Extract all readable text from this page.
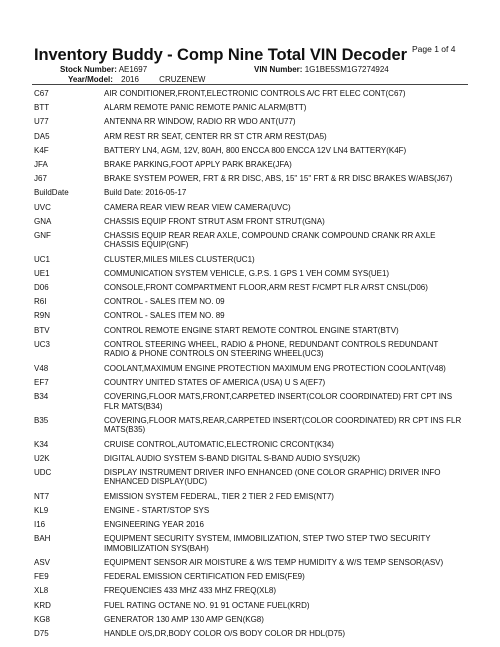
Inventory Buddy - Comp Nine Total VIN Decoder Page 1 of 4
Stock Number: AE1697	VIN Number: 1G1BE5SM1G7274924
Year/Model: 2016	CRUZENEW
C67	AIR CONDITIONER,FRONT,ELECTRONIC CONTROLS A/C FRT ELEC CONT(C67)
BTT	ALARM REMOTE PANIC REMOTE PANIC ALARM(BTT)
U77	ANTENNA RR WINDOW, RADIO RR WDO ANT(U77)
DA5	ARM REST RR SEAT, CENTER RR ST CTR ARM REST(DA5)
K4F	BATTERY LN4, AGM, 12V, 80AH, 800 ENCCA 800 ENCCA 12V LN4 BATTERY(K4F)
JFA	BRAKE PARKING,FOOT APPLY PARK BRAKE(JFA)
J67	BRAKE SYSTEM POWER, FRT & RR DISC, ABS, 15" 15" FRT & RR DISC BRAKES W/ABS(J67)
BuildDate	Build Date: 2016-05-17
UVC	CAMERA REAR VIEW REAR VIEW CAMERA(UVC)
GNA	CHASSIS EQUIP FRONT STRUT ASM FRONT STRUT(GNA)
GNF	CHASSIS EQUIP REAR REAR AXLE, COMPOUND CRANK COMPOUND CRANK RR AXLE CHASSIS EQUIP(GNF)
UC1	CLUSTER,MILES MILES CLUSTER(UC1)
UE1	COMMUNICATION SYSTEM VEHICLE, G.P.S. 1 GPS 1 VEH COMM SYS(UE1)
D06	CONSOLE,FRONT COMPARTMENT FLOOR,ARM REST F/CMPT FLR A/RST CNSL(D06)
R6I	CONTROL - SALES ITEM NO. 09
R9N	CONTROL - SALES ITEM NO. 89
BTV	CONTROL REMOTE ENGINE START REMOTE CONTROL ENGINE START(BTV)
UC3	CONTROL STEERING WHEEL, RADIO & PHONE, REDUNDANT CONTROLS REDUNDANT RADIO & PHONE CONTROLS ON STEERING WHEEL(UC3)
V48	COOLANT,MAXIMUM ENGINE PROTECTION MAXIMUM ENG PROTECTION COOLANT(V48)
EF7	COUNTRY UNITED STATES OF AMERICA (USA) U S A(EF7)
B34	COVERING,FLOOR MATS,FRONT,CARPETED INSERT(COLOR COORDINATED) FRT CPT INS FLR MATS(B34)
B35	COVERING,FLOOR MATS,REAR,CARPETED INSERT(COLOR COORDINATED) RR CPT INS FLR MATS(B35)
K34	CRUISE CONTROL,AUTOMATIC,ELECTRONIC CRCONT(K34)
U2K	DIGITAL AUDIO SYSTEM S-BAND DIGITAL S-BAND AUDIO SYS(U2K)
UDC	DISPLAY INSTRUMENT DRIVER INFO ENHANCED (ONE COLOR GRAPHIC) DRIVER INFO ENHANCED DISPLAY(UDC)
NT7	EMISSION SYSTEM FEDERAL, TIER 2 TIER 2 FED EMIS(NT7)
KL9	ENGINE - START/STOP SYS
I16	ENGINEERING YEAR 2016
BAH	EQUIPMENT SECURITY SYSTEM, IMMOBILIZATION, STEP TWO STEP TWO SECURITY IMMOBILIZATION SYS(BAH)
ASV	EQUIPMENT SENSOR AIR MOISTURE & W/S TEMP HUMIDITY & W/S TEMP SENSOR(ASV)
FE9	FEDERAL EMISSION CERTIFICATION FED EMIS(FE9)
XL8	FREQUENCIES 433 MHZ 433 MHZ FREQ(XL8)
KRD	FUEL RATING OCTANE NO. 91 91 OCTANE FUEL(KRD)
KG8	GENERATOR 130 AMP 130 AMP GEN(KG8)
D75	HANDLE O/S,DR,BODY COLOR O/S BODY COLOR DR HDL(D75)
